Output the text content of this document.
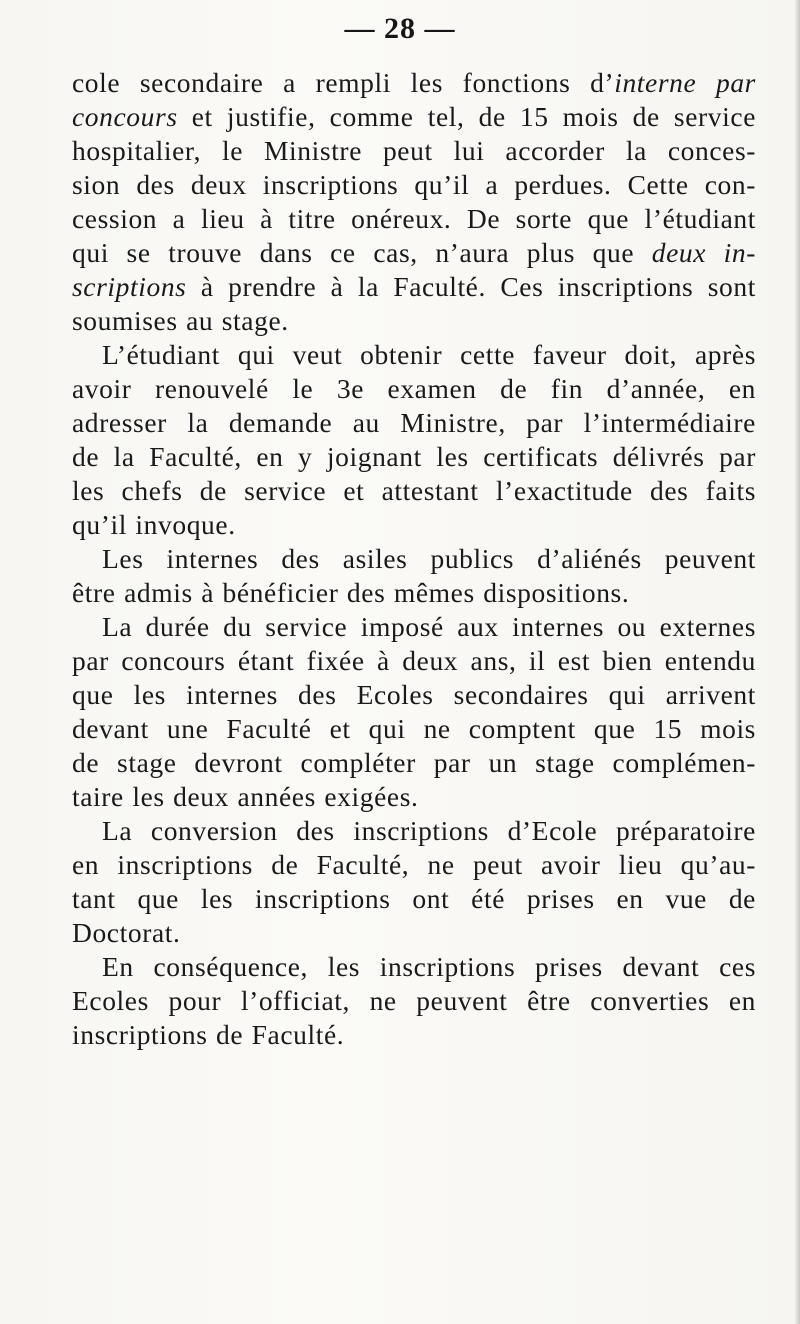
— 28 —
cole secondaire a rempli les fonctions d’interne par
concours et justifie, comme tel, de 15 mois de service
hospitalier, le Ministre peut lui accorder la conces-
sion des deux inscriptions qu’il a perdues. Cette con-
cession a lieu à titre onéreux. De sorte que l’étudiant
qui se trouve dans ce cas, n’aura plus que deux in-
scriptions à prendre à la Faculté. Ces inscriptions sont
soumises au stage.
L’étudiant qui veut obtenir cette faveur doit, après
avoir renouvelé le 3e examen de fin d’année, en
adresser la demande au Ministre, par l’intermédiaire
de la Faculté, en y joignant les certificats délivrés par
les chefs de service et attestant l’exactitude des faits
qu’il invoque.
Les internes des asiles publics d’aliénés peuvent
être admis à bénéficier des mêmes dispositions.
La durée du service imposé aux internes ou externes
par concours étant fixée à deux ans, il est bien entendu
que les internes des Ecoles secondaires qui arrivent
devant une Faculté et qui ne comptent que 15 mois
de stage devront compléter par un stage complémen-
taire les deux années exigées.
La conversion des inscriptions d’Ecole préparatoire
en inscriptions de Faculté, ne peut avoir lieu qu’au-
tant que les inscriptions ont été prises en vue de
Doctorat.
En conséquence, les inscriptions prises devant ces
Ecoles pour l’officiat, ne peuvent être converties en
inscriptions de Faculté.
